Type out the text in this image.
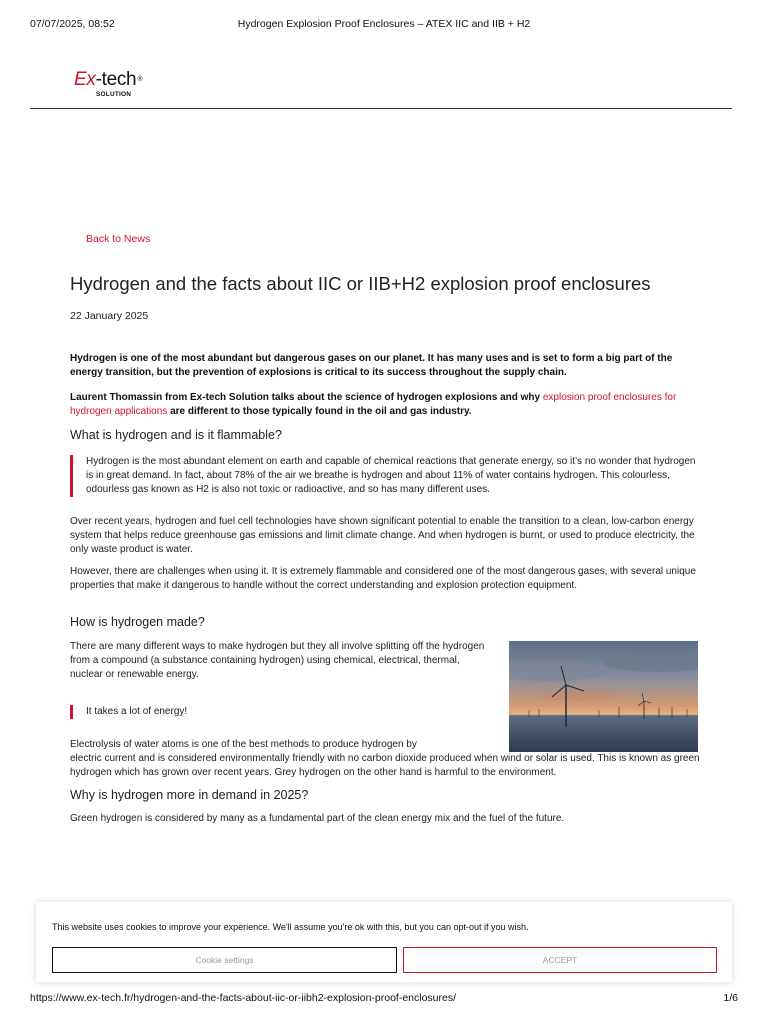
07/07/2025, 08:52	Hydrogen Explosion Proof Enclosures – ATEX IIC and IIB + H2
Ex-tech®
SOLUTION
Back to News
Hydrogen and the facts about IIC or IIB+H2 explosion proof enclosures
22 January 2025

Hydrogen is one of the most abundant but dangerous gases on our planet. It has many uses and is set to form a big part of the energy transition, but the prevention of explosions is critical to its success throughout the supply chain.

Laurent Thomassin from Ex-tech Solution talks about the science of hydrogen explosions and why explosion proof enclosures for hydrogen applications are different to those typically found in the oil and gas industry.

What is hydrogen and is it flammable?

Hydrogen is the most abundant element on earth and capable of chemical reactions that generate energy, so it’s no wonder that hydrogen is in great demand. In fact, about 78% of the air we breathe is hydrogen and about 11% of water contains hydrogen. This colourless, odourless gas known as H2 is also not toxic or radioactive, and so has many different uses.

Over recent years, hydrogen and fuel cell technologies have shown significant potential to enable the transition to a clean, low-carbon energy system that helps reduce greenhouse gas emissions and limit climate change. And when hydrogen is burnt, or used to produce electricity, the only waste product is water.

However, there are challenges when using it. It is extremely flammable and considered one of the most dangerous gases, with several unique properties that make it dangerous to handle without the correct understanding and explosion protection equipment.

How is hydrogen made?

There are many different ways to make hydrogen but they all involve splitting off the hydrogen from a compound (a substance containing hydrogen) using chemical, electrical, thermal, nuclear or renewable energy.

It takes a lot of energy!

Electrolysis of water atoms is one of the best methods to produce hydrogen by

electric current and is considered environmentally friendly with no carbon dioxide produced when wind or solar is used. This is known as green hydrogen which has grown over recent years. Grey hydrogen on the other hand is harmful to the environment.

Why is hydrogen more in demand in 2025?

Green hydrogen is considered by many as a fundamental part of the clean energy mix and the fuel of the future.

This website uses cookies to improve your experience. We'll assume you're ok with this, but you can opt-out if you wish.
Cookie settings	ACCEPT
https://www.ex-tech.fr/hydrogen-and-the-facts-about-iic-or-iibh2-explosion-proof-enclosures/	1/6
